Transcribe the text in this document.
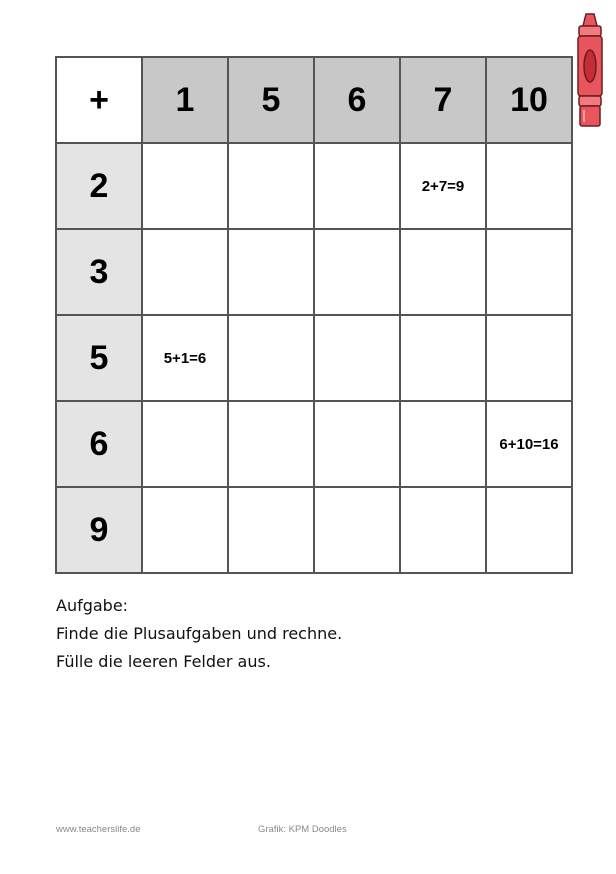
+	1	5	6	7	10
2				2+7=9	
3					
5	5+1=6				
6					6+10=16
9					
Aufgabe:
Finde die Plusaufgaben und rechne.
Fülle die leeren Felder aus.
www.teacherslife.de	Grafik: KPM Doodles
